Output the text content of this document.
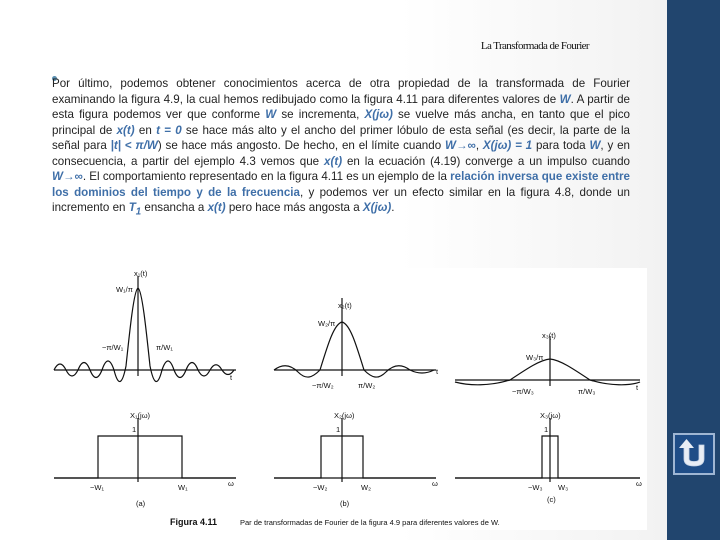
La Transformada de Fourier
Por último, podemos obtener conocimientos acerca de otra propiedad de la transformada de Fourier examinando la figura 4.9, la cual hemos redibujado como la figura 4.11 para diferentes valores de W. A partir de esta figura podemos ver que conforme W se incrementa, X(jω) se vuelve más ancha, en tanto que el pico principal de x(t) en t = 0 se hace más alto y el ancho del primer lóbulo de esta señal (es decir, la parte de la señal para |t| < π/W) se hace más angosto. De hecho, en el límite cuando W→∞, X(jω) = 1 para toda W, y en consecuencia, a partir del ejemplo 4.3 vemos que x(t) en la ecuación (4.19) converge a un impulso cuando W→∞. El comportamiento representado en la figura 4.11 es un ejemplo de la relación inversa que existe entre los dominios del tiempo y de la frecuencia, y podemos ver un efecto similar en la figura 4.8, donde un incremento en $T_1$ ensancha a x(t) pero hace más angosta a X(jω).
x₁(t)
x₂(t)
x₃(t)
W₁/π
W₂/π
W₃/π
−π/W₁	π/W₁
−π/W₂	π/W₂
−π/W₃	π/W₃
t
t
t
X₁(jω)	X₂(jω)	X₃(jω)
1	1	1
−W₁	W₁	−W₂	W₂	−W₃ W₃
ω	ω	ω
(a)	(b)	(c)
Figura 4.11	Par de transformadas de Fourier de la figura 4.9 para diferentes valores de W.
